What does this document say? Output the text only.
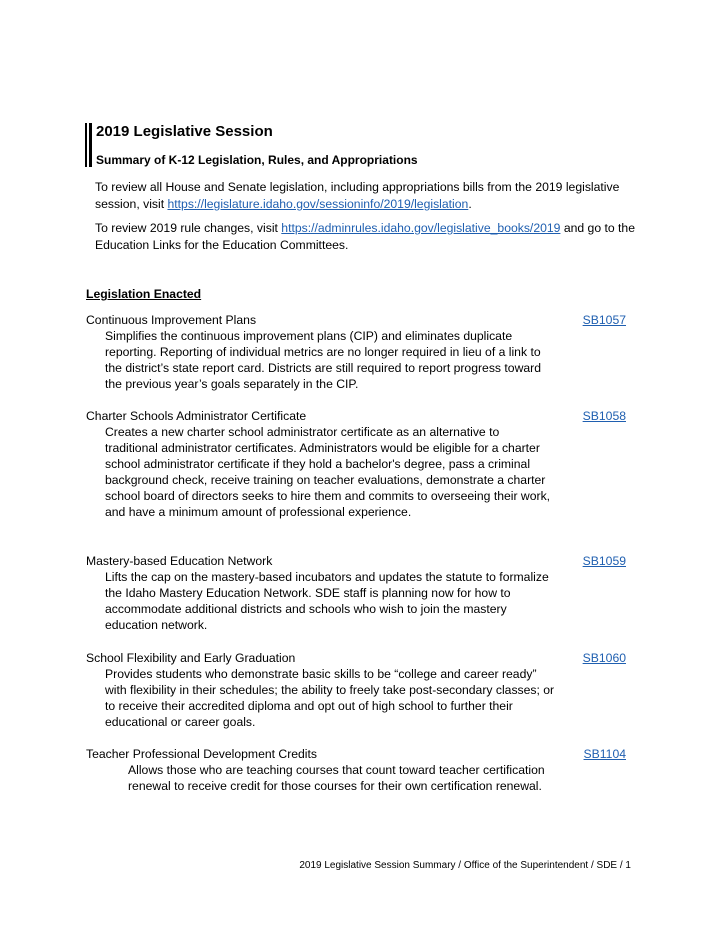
2019 Legislative Session
Summary of K-12 Legislation, Rules, and Appropriations
To review all House and Senate legislation, including appropriations bills from the 2019 legislative session, visit https://legislature.idaho.gov/sessioninfo/2019/legislation.
To review 2019 rule changes, visit https://adminrules.idaho.gov/legislative_books/2019 and go to the Education Links for the Education Committees.
Legislation Enacted
Continuous Improvement Plans	SB1057
Simplifies the continuous improvement plans (CIP) and eliminates duplicate reporting. Reporting of individual metrics are no longer required in lieu of a link to the district’s state report card. Districts are still required to report progress toward the previous year’s goals separately in the CIP.
Charter Schools Administrator Certificate	SB1058
Creates a new charter school administrator certificate as an alternative to traditional administrator certificates. Administrators would be eligible for a charter school administrator certificate if they hold a bachelor's degree, pass a criminal background check, receive training on teacher evaluations, demonstrate a charter school board of directors seeks to hire them and commits to overseeing their work, and have a minimum amount of professional experience.
Mastery-based Education Network	SB1059
Lifts the cap on the mastery-based incubators and updates the statute to formalize the Idaho Mastery Education Network. SDE staff is planning now for how to accommodate additional districts and schools who wish to join the mastery education network.
School Flexibility and Early Graduation	SB1060
Provides students who demonstrate basic skills to be “college and career ready” with flexibility in their schedules; the ability to freely take post-secondary classes; or to receive their accredited diploma and opt out of high school to further their educational or career goals.
Teacher Professional Development Credits	SB1104
Allows those who are teaching courses that count toward teacher certification renewal to receive credit for those courses for their own certification renewal.
2019 Legislative Session Summary / Office of the Superintendent / SDE / 1
